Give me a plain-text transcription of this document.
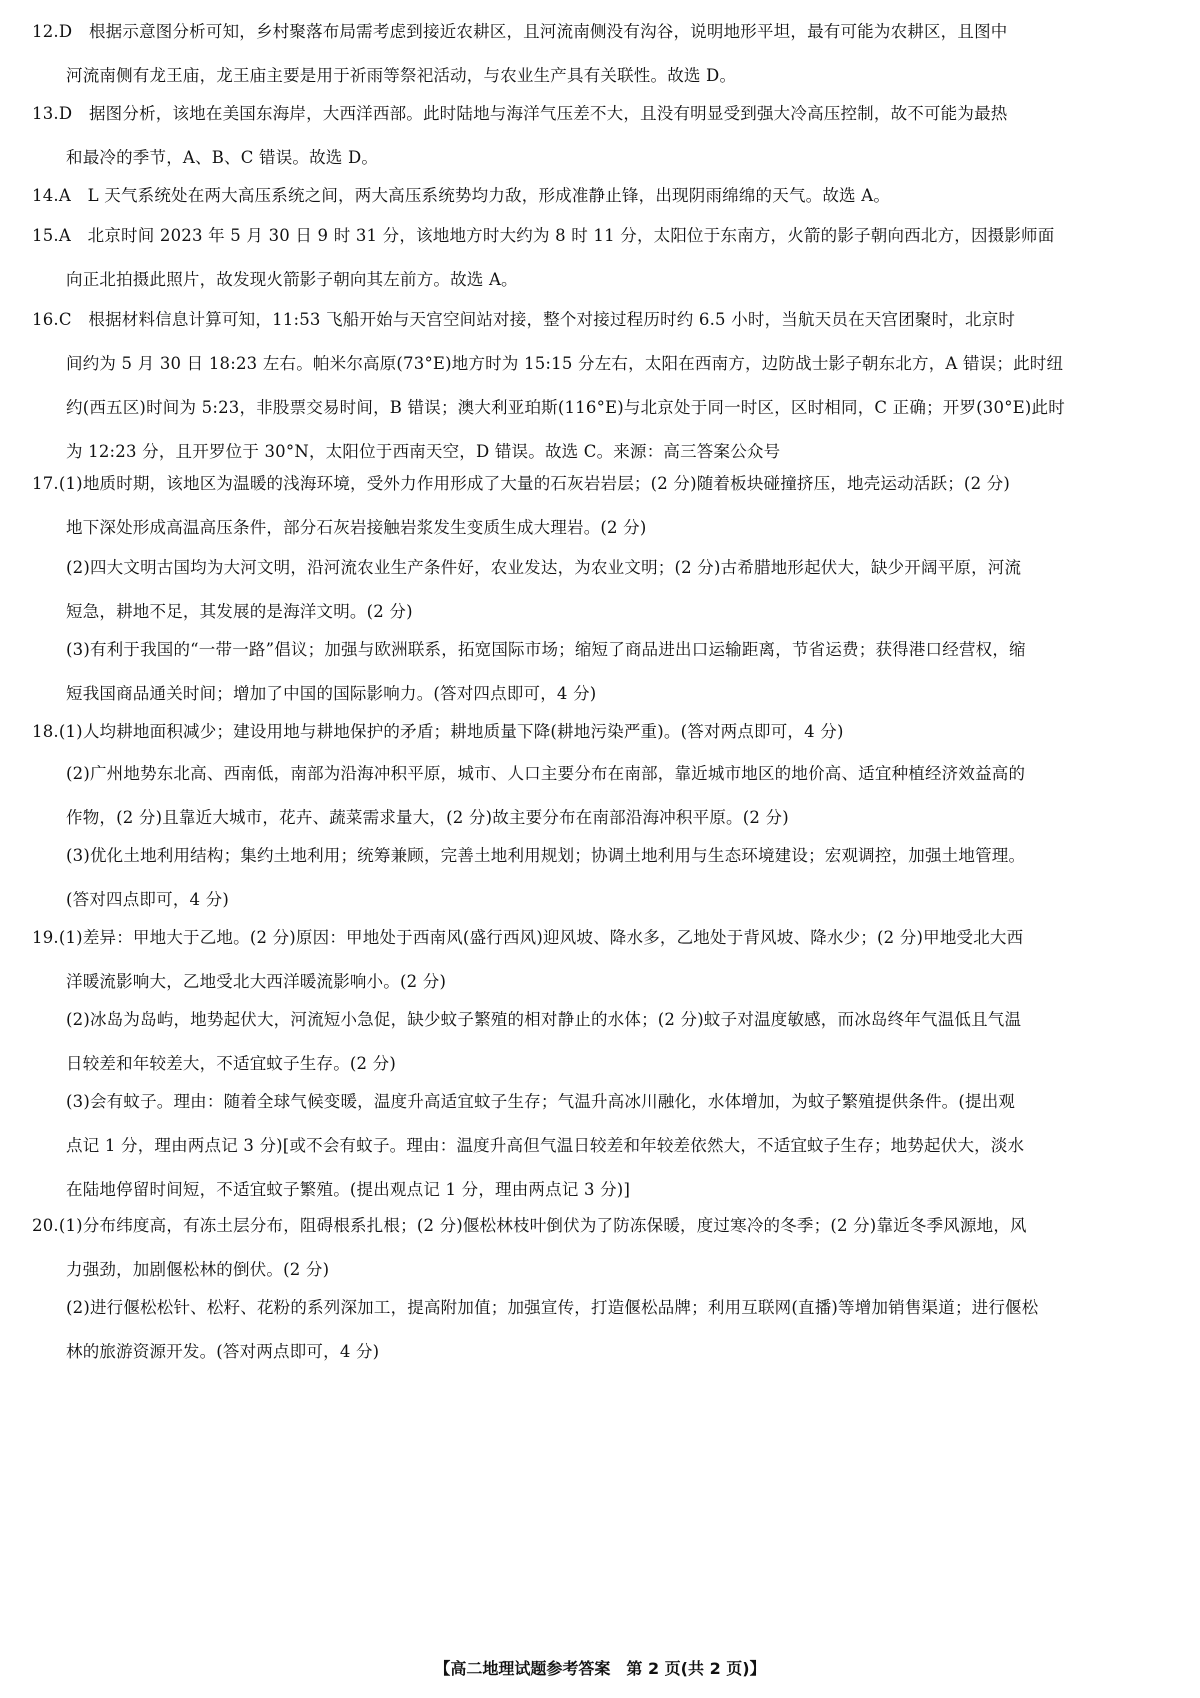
12.D　根据示意图分析可知，乡村聚落布局需考虑到接近农耕区，且河流南侧没有沟谷，说明地形平坦，最有可能为农耕区，且图中

河流南侧有龙王庙，龙王庙主要是用于祈雨等祭祀活动，与农业生产具有关联性。故选 D。

13.D　据图分析，该地在美国东海岸，大西洋西部。此时陆地与海洋气压差不大，且没有明显受到强大冷高压控制，故不可能为最热

和最冷的季节，A、B、C 错误。故选 D。

14.A　L 天气系统处在两大高压系统之间，两大高压系统势均力敌，形成准静止锋，出现阴雨绵绵的天气。故选 A。

15.A　北京时间 2023 年 5 月 30 日 9 时 31 分，该地地方时大约为 8 时 11 分，太阳位于东南方，火箭的影子朝向西北方，因摄影师面

向正北拍摄此照片，故发现火箭影子朝向其左前方。故选 A。

16.C　根据材料信息计算可知，11:53 飞船开始与天宫空间站对接，整个对接过程历时约 6.5 小时，当航天员在天宫团聚时，北京时

间约为 5 月 30 日 18:23 左右。帕米尔高原(73°E)地方时为 15:15 分左右，太阳在西南方，边防战士影子朝东北方，A 错误；此时纽

约(西五区)时间为 5:23，非股票交易时间，B 错误；澳大利亚珀斯(116°E)与北京处于同一时区，区时相同，C 正确；开罗(30°E)此时

为 12:23 分，且开罗位于 30°N，太阳位于西南天空，D 错误。故选 C。来源：高三答案公众号

17.(1)地质时期，该地区为温暖的浅海环境，受外力作用形成了大量的石灰岩岩层；(2 分)随着板块碰撞挤压，地壳运动活跃；(2 分)

地下深处形成高温高压条件，部分石灰岩接触岩浆发生变质生成大理岩。(2 分)

(2)四大文明古国均为大河文明，沿河流农业生产条件好，农业发达，为农业文明；(2 分)古希腊地形起伏大，缺少开阔平原，河流

短急，耕地不足，其发展的是海洋文明。(2 分)

(3)有利于我国的“一带一路”倡议；加强与欧洲联系，拓宽国际市场；缩短了商品进出口运输距离，节省运费；获得港口经营权，缩

短我国商品通关时间；增加了中国的国际影响力。(答对四点即可，4 分)

18.(1)人均耕地面积减少；建设用地与耕地保护的矛盾；耕地质量下降(耕地污染严重)。(答对两点即可，4 分)

(2)广州地势东北高、西南低，南部为沿海冲积平原，城市、人口主要分布在南部，靠近城市地区的地价高、适宜种植经济效益高的

作物，(2 分)且靠近大城市，花卉、蔬菜需求量大，(2 分)故主要分布在南部沿海冲积平原。(2 分)

(3)优化土地利用结构；集约土地利用；统筹兼顾，完善土地利用规划；协调土地利用与生态环境建设；宏观调控，加强土地管理。

(答对四点即可，4 分)

19.(1)差异：甲地大于乙地。(2 分)原因：甲地处于西南风(盛行西风)迎风坡、降水多，乙地处于背风坡、降水少；(2 分)甲地受北大西

洋暖流影响大，乙地受北大西洋暖流影响小。(2 分)

(2)冰岛为岛屿，地势起伏大，河流短小急促，缺少蚊子繁殖的相对静止的水体；(2 分)蚊子对温度敏感，而冰岛终年气温低且气温

日较差和年较差大，不适宜蚊子生存。(2 分)

(3)会有蚊子。理由：随着全球气候变暖，温度升高适宜蚊子生存；气温升高冰川融化，水体增加，为蚊子繁殖提供条件。(提出观

点记 1 分，理由两点记 3 分)[或不会有蚊子。理由：温度升高但气温日较差和年较差依然大，不适宜蚊子生存；地势起伏大，淡水

在陆地停留时间短，不适宜蚊子繁殖。(提出观点记 1 分，理由两点记 3 分)]

20.(1)分布纬度高，有冻土层分布，阻碍根系扎根；(2 分)偃松林枝叶倒伏为了防冻保暖，度过寒冷的冬季；(2 分)靠近冬季风源地，风

力强劲，加剧偃松林的倒伏。(2 分)

(2)进行偃松松针、松籽、花粉的系列深加工，提高附加值；加强宣传，打造偃松品牌；利用互联网(直播)等增加销售渠道；进行偃松

林的旅游资源开发。(答对两点即可，4 分)

【高二地理试题参考答案　第 2 页(共 2 页)】
